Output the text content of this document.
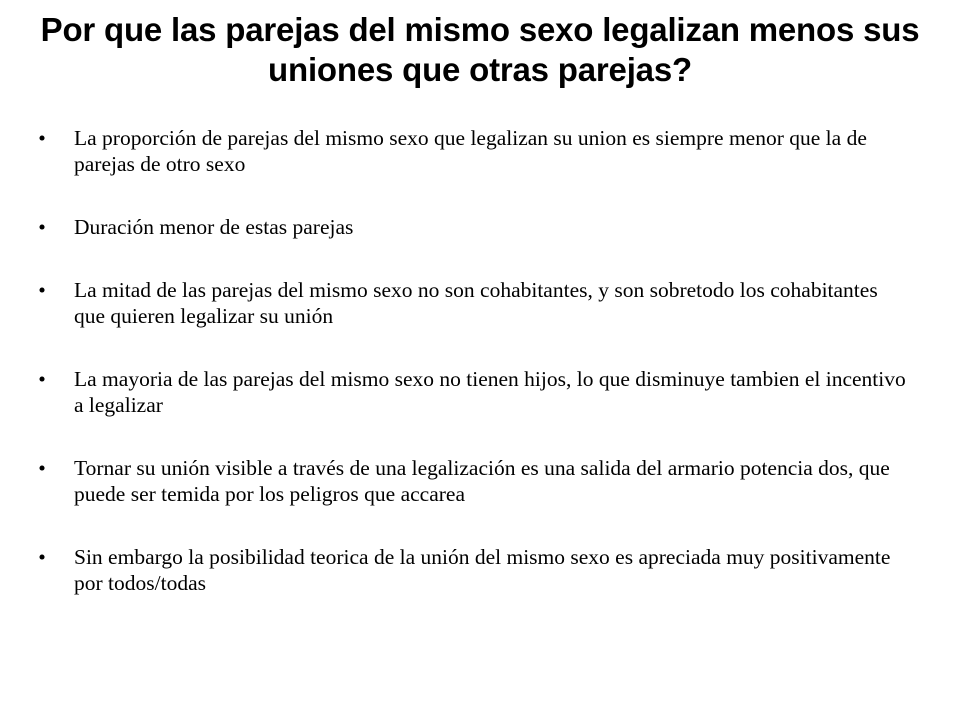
Por que las parejas del mismo sexo legalizan menos sus uniones que otras parejas?
• La proporción de parejas del mismo sexo que legalizan su union es siempre menor que la de parejas de otro sexo
• Duración menor de estas parejas
• La mitad de las parejas del mismo sexo no son cohabitantes, y son sobretodo los cohabitantes que quieren legalizar su unión
• La mayoria de las parejas del mismo sexo no tienen hijos, lo que disminuye tambien el incentivo a legalizar
• Tornar su unión visible a través de una legalización es una salida del armario potencia dos, que puede ser temida por los peligros que accarea
• Sin embargo la posibilidad teorica de la unión del mismo sexo es apreciada muy positivamente por todos/todas
